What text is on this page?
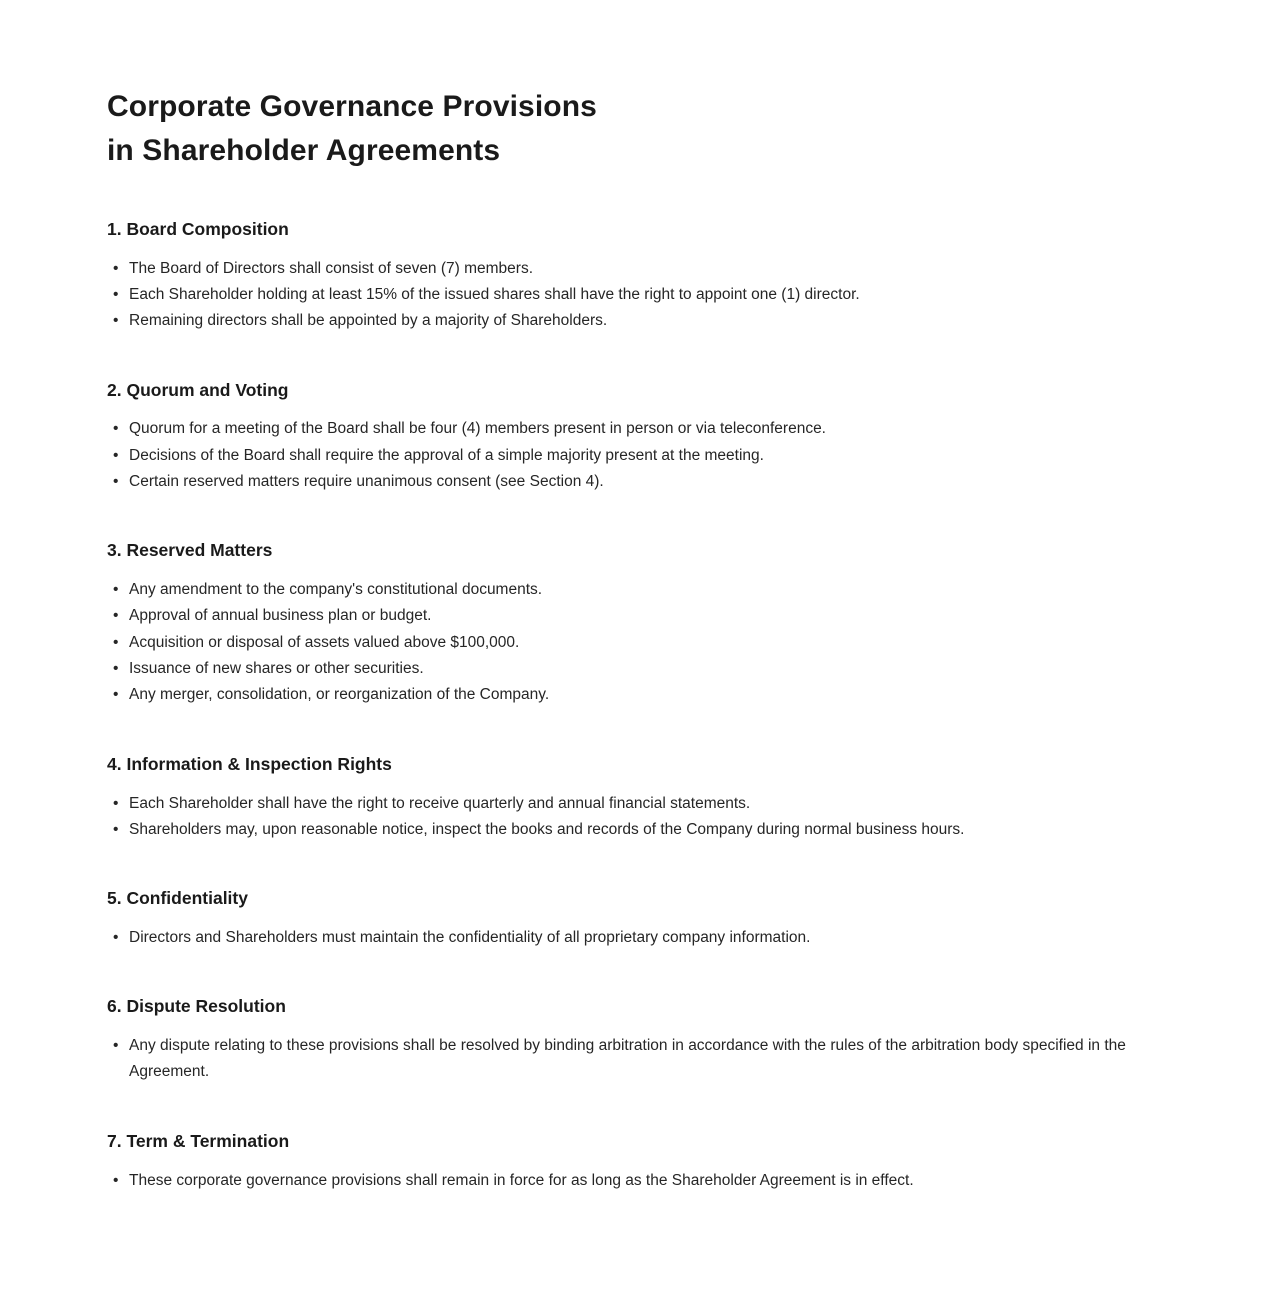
Corporate Governance Provisions
in Shareholder Agreements
1. Board Composition
• The Board of Directors shall consist of seven (7) members.
• Each Shareholder holding at least 15% of the issued shares shall have the right to appoint one (1) director.
• Remaining directors shall be appointed by a majority of Shareholders.
2. Quorum and Voting
• Quorum for a meeting of the Board shall be four (4) members present in person or via teleconference.
• Decisions of the Board shall require the approval of a simple majority present at the meeting.
• Certain reserved matters require unanimous consent (see Section 4).
3. Reserved Matters
• Any amendment to the company's constitutional documents.
• Approval of annual business plan or budget.
• Acquisition or disposal of assets valued above $100,000.
• Issuance of new shares or other securities.
• Any merger, consolidation, or reorganization of the Company.
4. Information & Inspection Rights
• Each Shareholder shall have the right to receive quarterly and annual financial statements.
• Shareholders may, upon reasonable notice, inspect the books and records of the Company during normal business hours.
5. Confidentiality
• Directors and Shareholders must maintain the confidentiality of all proprietary company information.
6. Dispute Resolution
• Any dispute relating to these provisions shall be resolved by binding arbitration in accordance with the rules of the arbitration body specified in the Agreement.
7. Term & Termination
• These corporate governance provisions shall remain in force for as long as the Shareholder Agreement is in effect.
